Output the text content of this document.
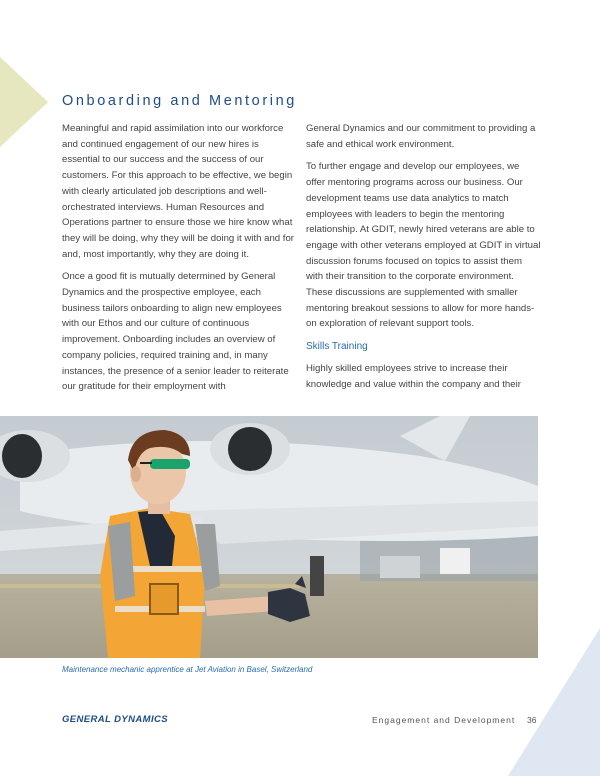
Onboarding and Mentoring

Meaningful and rapid assimilation into our workforce and continued engagement of our new hires is essential to our success and the success of our customers. For this approach to be effective, we begin with clearly articulated job descriptions and well-orchestrated interviews. Human Resources and Operations partner to ensure those we hire know what they will be doing, why they will be doing it with and for and, most importantly, why they are doing it.

Once a good fit is mutually determined by General Dynamics and the prospective employee, each business tailors onboarding to align new employees with our Ethos and our culture of continuous improvement. Onboarding includes an overview of company policies, required training and, in many instances, the presence of a senior leader to reiterate our gratitude for their employment with

General Dynamics and our commitment to providing a safe and ethical work environment.

To further engage and develop our employees, we offer mentoring programs across our business. Our development teams use data analytics to match employees with leaders to begin the mentoring relationship. At GDIT, newly hired veterans are able to engage with other veterans employed at GDIT in virtual discussion forums focused on topics to assist them with their transition to the corporate environment. These discussions are supplemented with smaller mentoring breakout sessions to allow for more hands-on exploration of relevant support tools.

Skills Training

Highly skilled employees strive to increase their knowledge and value within the company and their

Maintenance mechanic apprentice at Jet Aviation in Basel, Switzerland
GENERAL DYNAMICS	Engagement and Development 36
